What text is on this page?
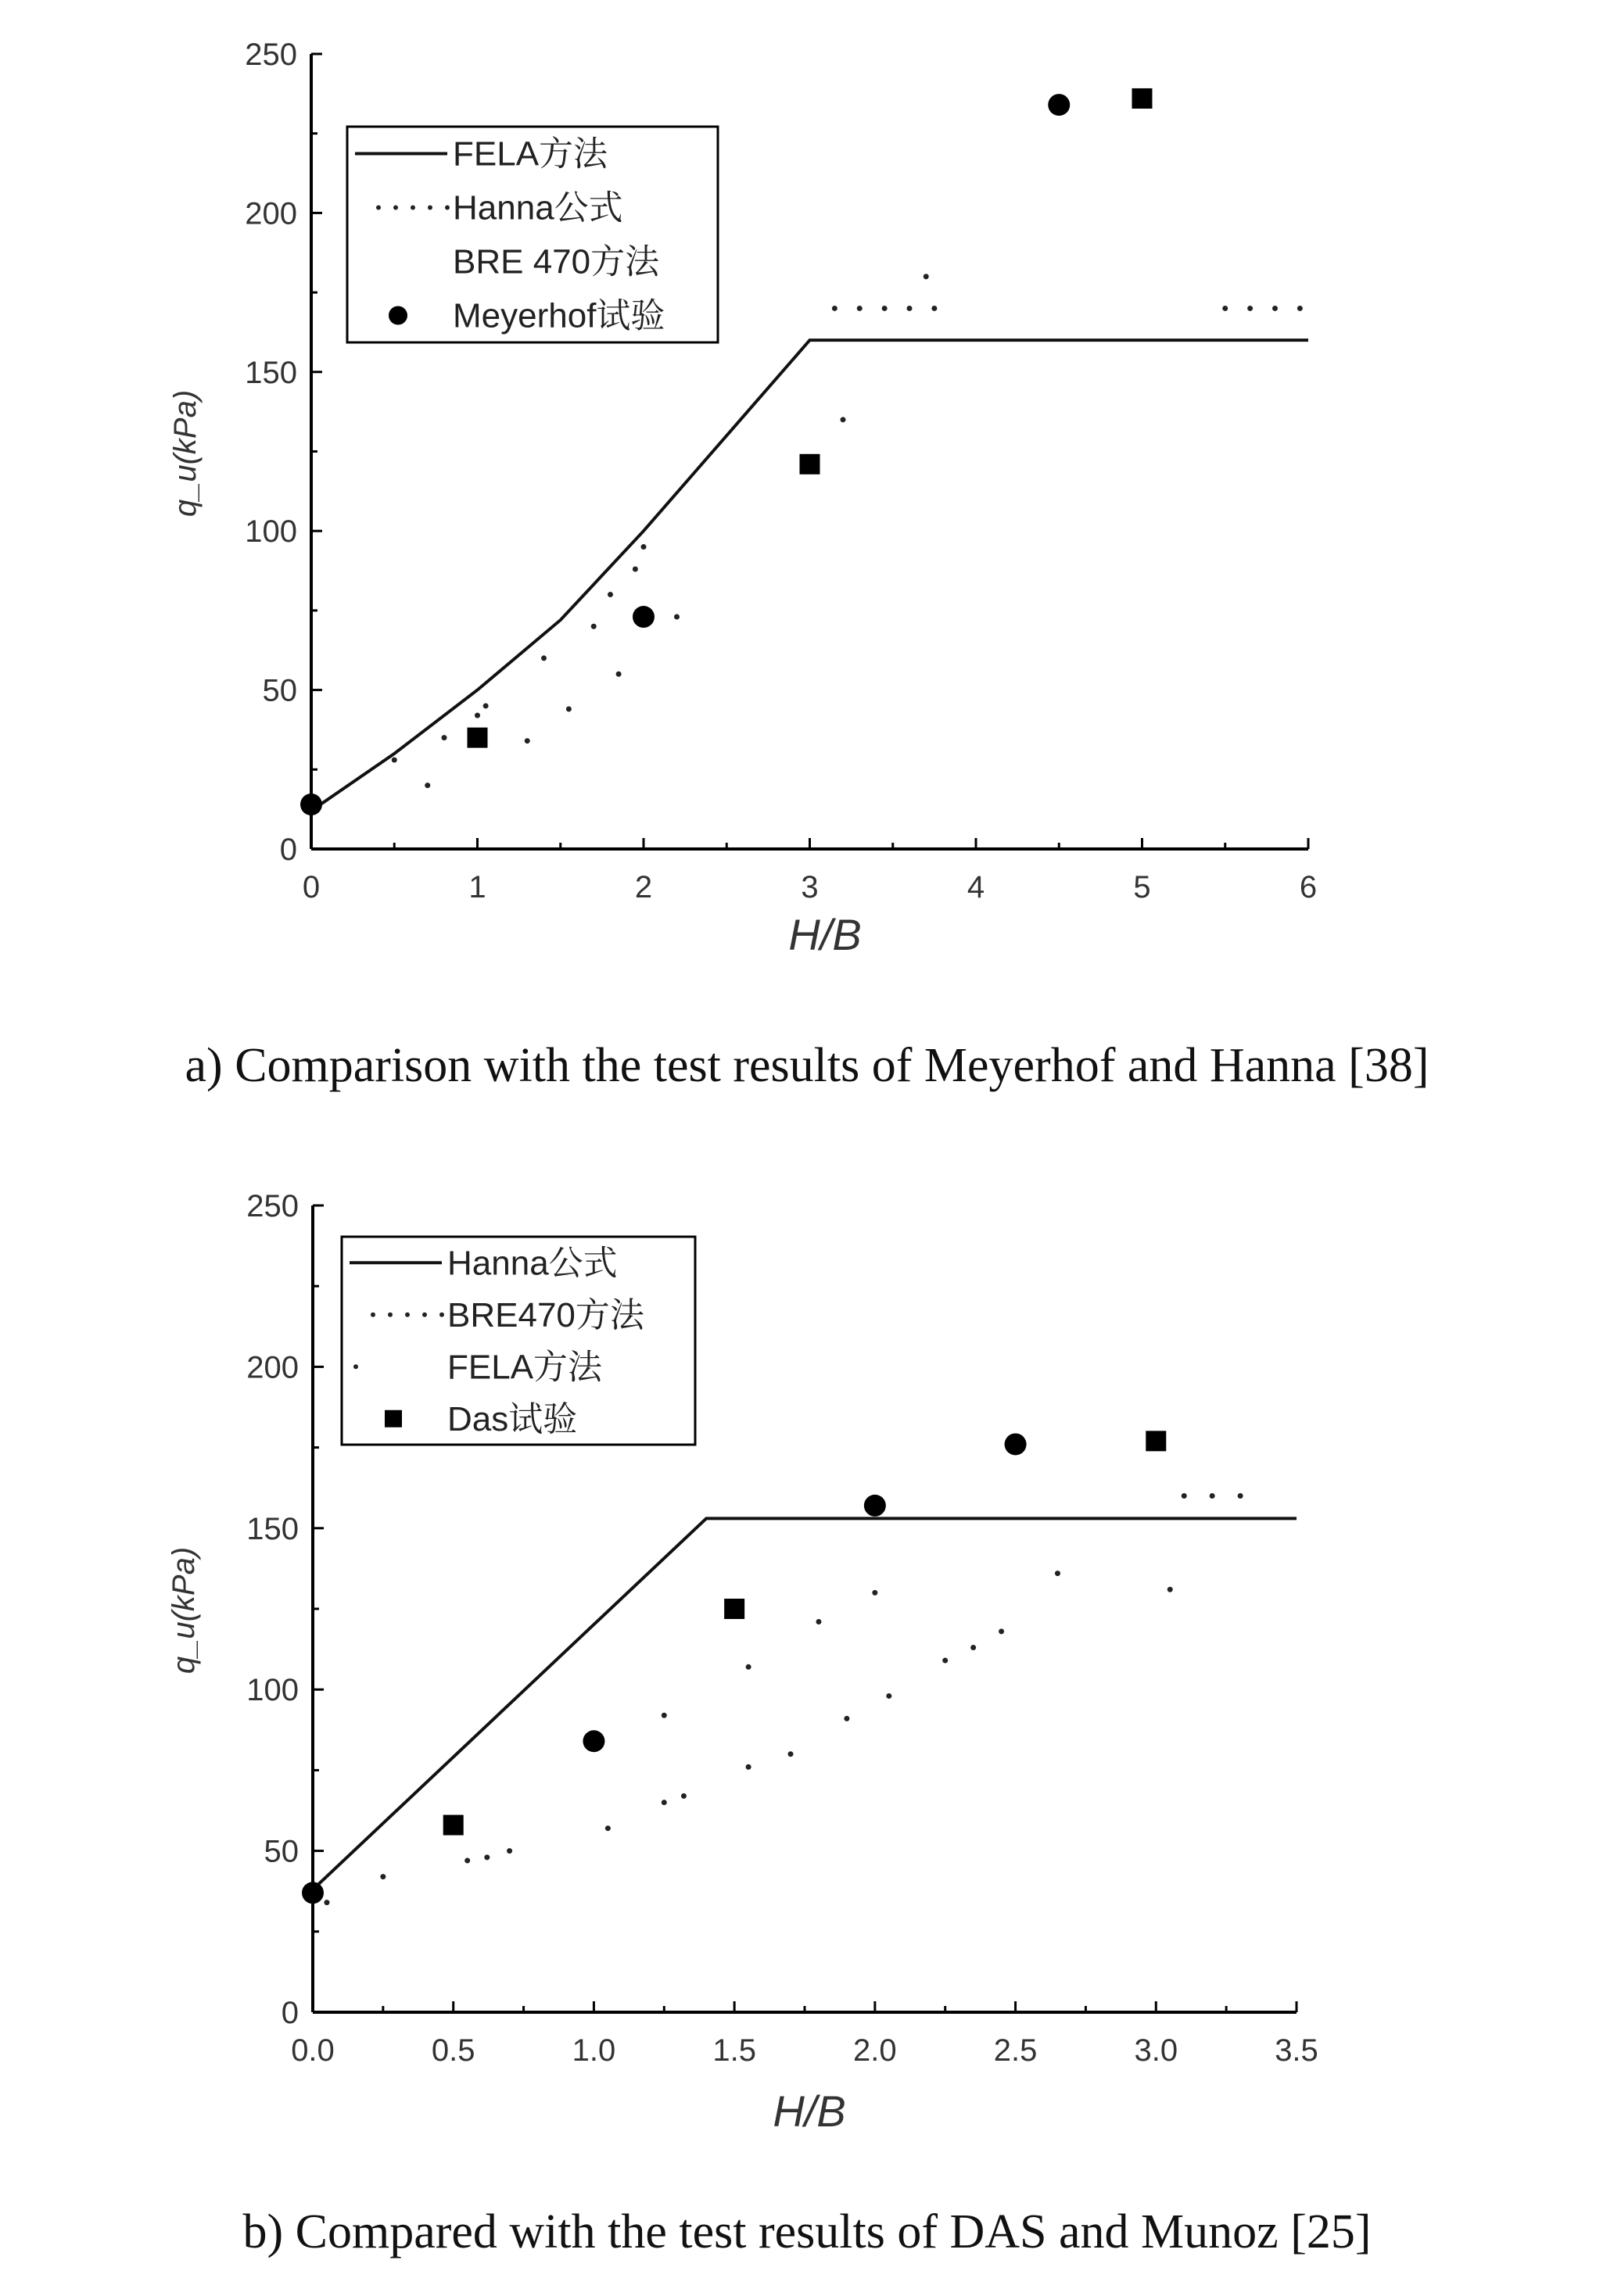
0
50
100
150
200
250
0	1	2	3	4	5	6
H/B
q_u(kPa)
FELA方法
Hanna公式
BRE 470方法
Meyerhof试验
0
50
100
150
200
250
0.0	0.5	1.0	1.5	2.0	2.5	3.0	3.5
H/B
q_u(kPa)
Hanna公式
BRE470方法
FELA方法
Das试验
a) Comparison with the test results of Meyerhof and Hanna [38]
b) Compared with the test results of DAS and Munoz [25]
